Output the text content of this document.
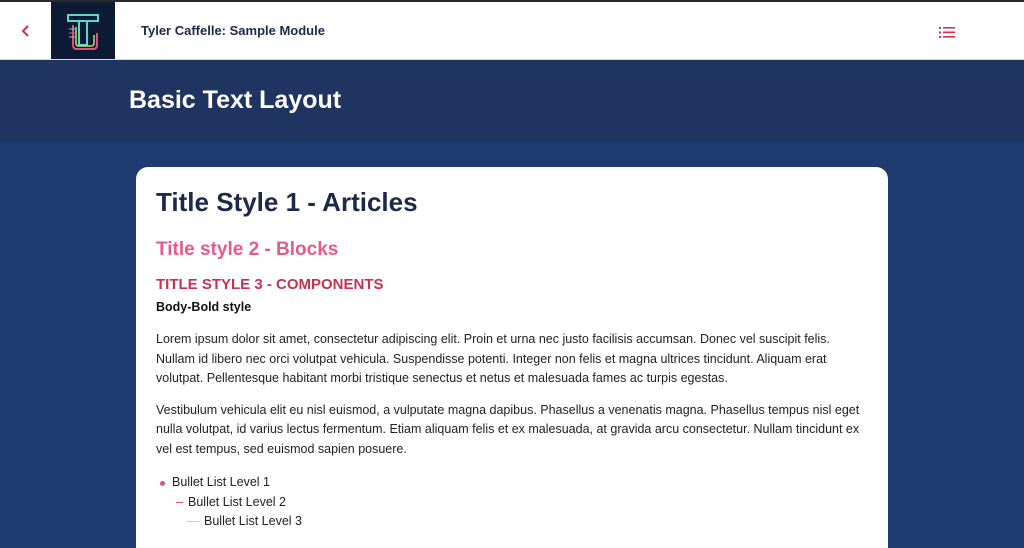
Tyler Caffelle: Sample Module
Basic Text Layout
Title Style 1 - Articles
Title style 2 - Blocks
TITLE STYLE 3 - COMPONENTS
Body-Bold style

Lorem ipsum dolor sit amet, consectetur adipiscing elit. Proin et urna nec justo facilisis accumsan. Donec vel suscipit felis. Nullam id libero nec orci volutpat vehicula. Suspendisse potenti. Integer non felis et magna ultrices tincidunt. Aliquam erat volutpat. Pellentesque habitant morbi tristique senectus et netus et malesuada fames ac turpis egestas.

Vestibulum vehicula elit eu nisl euismod, a vulputate magna dapibus. Phasellus a venenatis magna. Phasellus tempus nisl eget nulla volutpat, id varius lectus fermentum. Etiam aliquam felis et ex malesuada, at gravida arcu consectetur. Nullam tincidunt ex vel est tempus, sed euismod sapien posuere.

Bullet List Level 1
Bullet List Level 2
Bullet List Level 3
